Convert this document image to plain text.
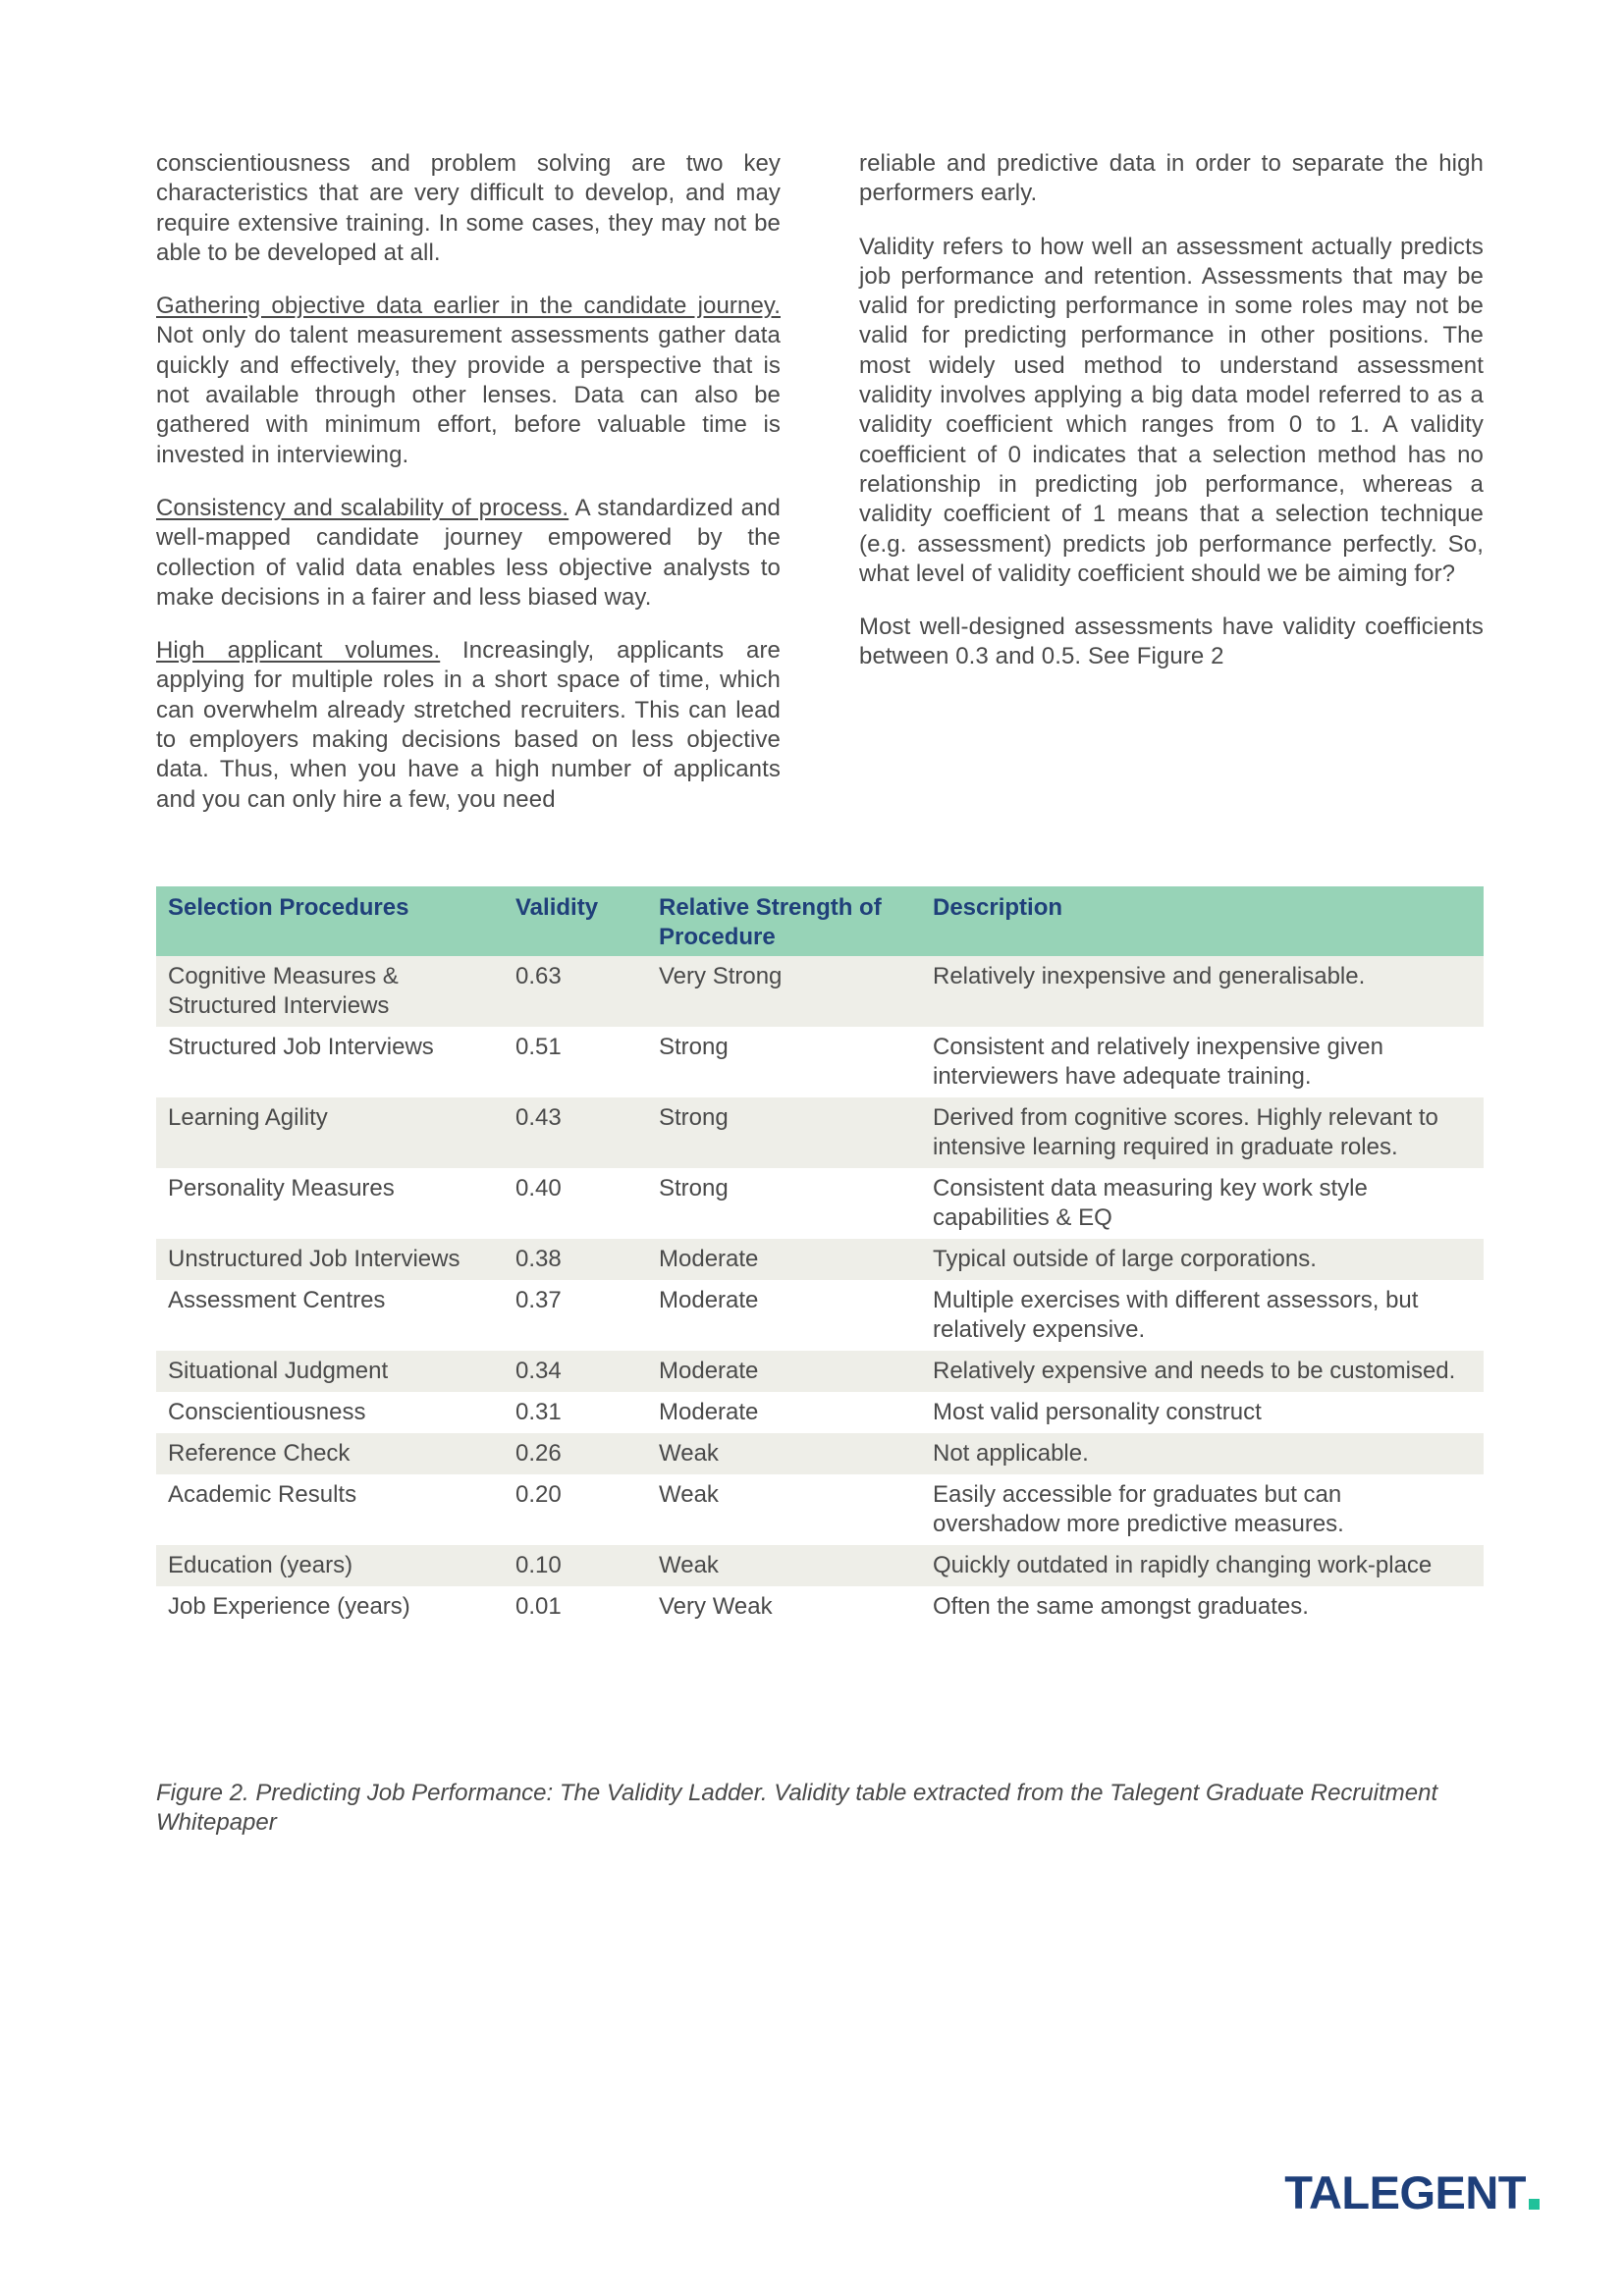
conscientiousness and problem solving are two key characteristics that are very difficult to develop, and may require extensive training. In some cases, they may not be able to be developed at all.

Gathering objective data earlier in the candidate journey. Not only do talent measurement assessments gather data quickly and effectively, they provide a perspective that is not available through other lenses. Data can also be gathered with minimum effort, before valuable time is invested in interviewing.

Consistency and scalability of process. A standardized and well-mapped candidate journey empowered by the collection of valid data enables less objective analysts to make decisions in a fairer and less biased way.

High applicant volumes. Increasingly, applicants are applying for multiple roles in a short space of time, which can overwhelm already stretched recruiters. This can lead to employers making decisions based on less objective data. Thus, when you have a high number of applicants and you can only hire a few, you need

reliable and predictive data in order to separate the high performers early.

Validity refers to how well an assessment actually predicts job performance and retention. Assessments that may be valid for predicting performance in some roles may not be valid for predicting performance in other positions. The most widely used method to understand assessment validity involves applying a big data model referred to as a validity coefficient which ranges from 0 to 1. A validity coefficient of 0 indicates that a selection method has no relationship in predicting job performance, whereas a validity coefficient of 1 means that a selection technique (e.g. assessment) predicts job performance perfectly. So, what level of validity coefficient should we be aiming for?

Most well-designed assessments have validity coefficients between 0.3 and 0.5. See Figure 2

Selection Procedures	Validity	Relative Strength of Procedure	Description
Cognitive Measures & Structured Interviews	0.63	Very Strong	Relatively inexpensive and generalisable.
Structured Job Interviews	0.51	Strong	Consistent and relatively inexpensive given interviewers have adequate training.
Learning Agility	0.43	Strong	Derived from cognitive scores. Highly relevant to intensive learning required in graduate roles.
Personality Measures	0.40	Strong	Consistent data measuring key work style capabilities & EQ
Unstructured Job Interviews	0.38	Moderate	Typical outside of large corporations.
Assessment Centres	0.37	Moderate	Multiple exercises with different assessors, but relatively expensive.
Situational Judgment	0.34	Moderate	Relatively expensive and needs to be customised.
Conscientiousness	0.31	Moderate	Most valid personality construct
Reference Check	0.26	Weak	Not applicable.
Academic Results	0.20	Weak	Easily accessible for graduates but can overshadow more predictive measures.
Education (years)	0.10	Weak	Quickly outdated in rapidly changing work-place
Job Experience (years)	0.01	Very Weak	Often the same amongst graduates.

Figure 2. Predicting Job Performance: The Validity Ladder. Validity table extracted from the Talegent Graduate Recruitment Whitepaper

TALEGENT
